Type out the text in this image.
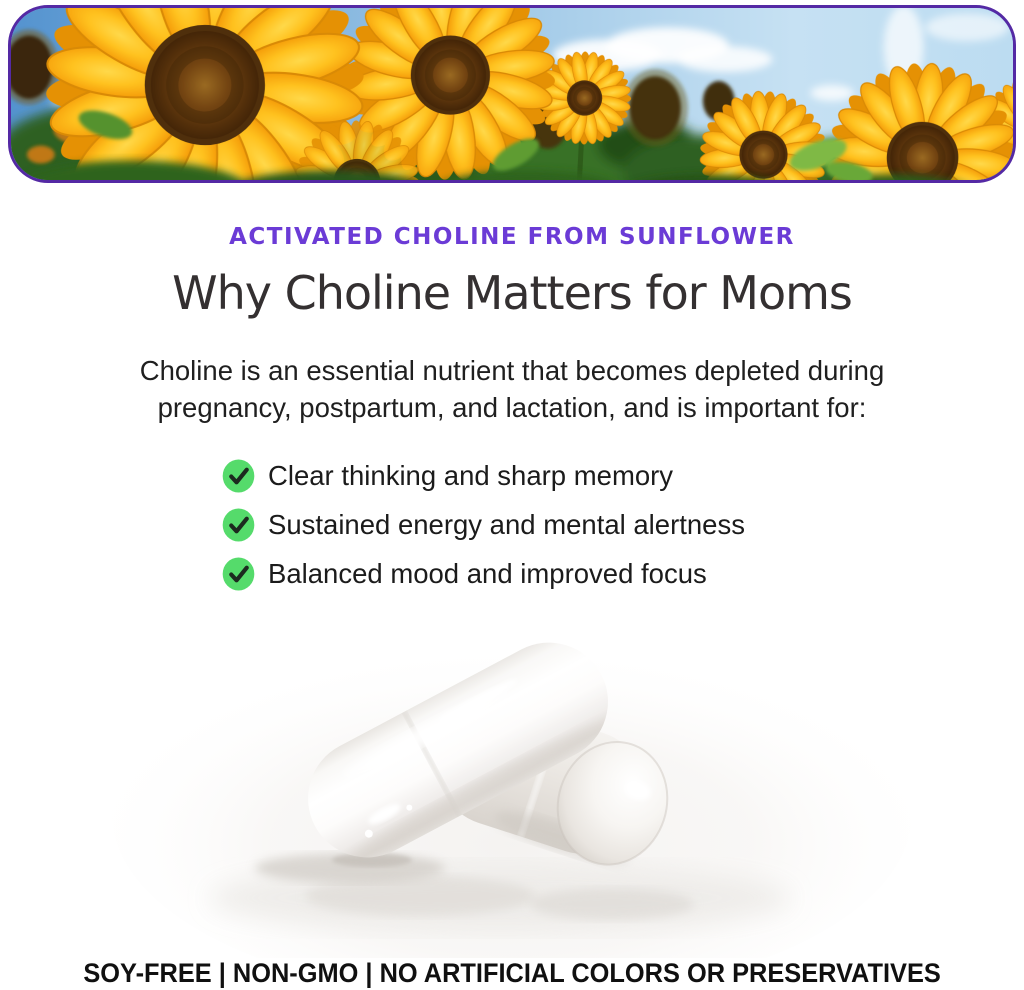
ACTIVATED CHOLINE FROM SUNFLOWER
Why Choline Matters for Moms

Choline is an essential nutrient that becomes depleted during
pregnancy, postpartum, and lactation, and is important for:

Clear thinking and sharp memory
Sustained energy and mental alertness
Balanced mood and improved focus
SOY-FREE | NON-GMO | NO ARTIFICIAL COLORS OR PRESERVATIVES
